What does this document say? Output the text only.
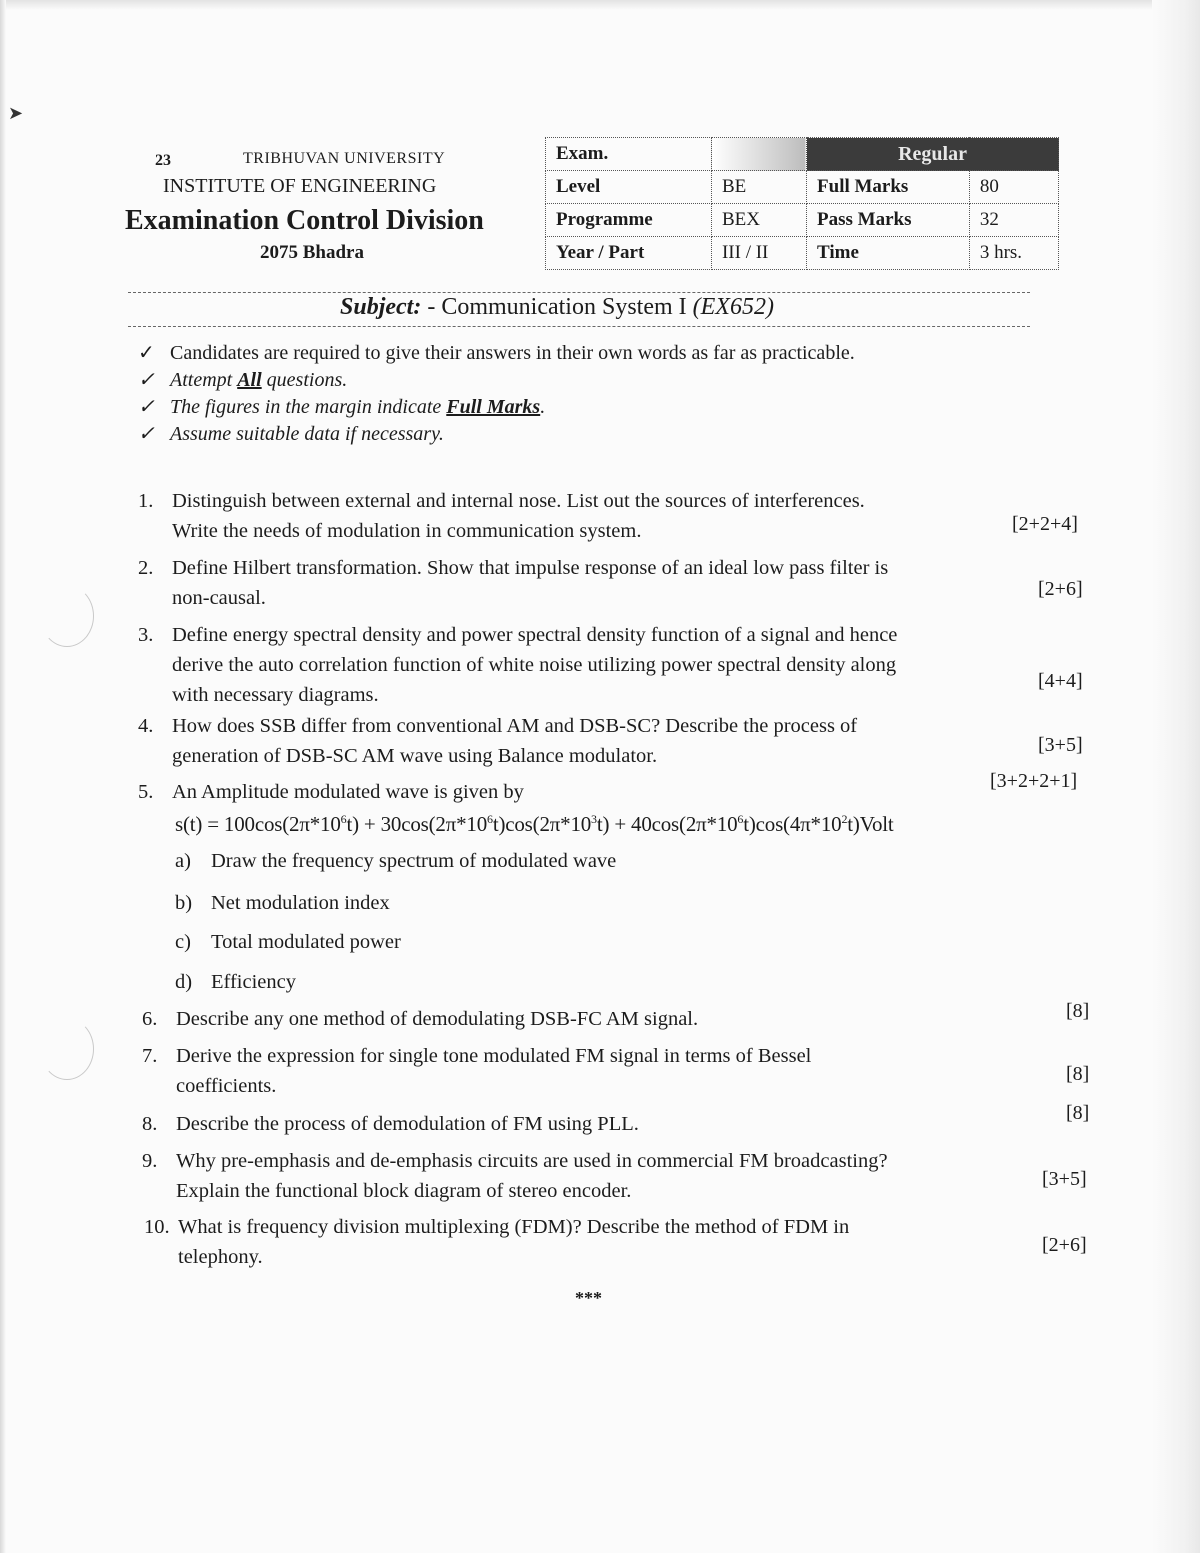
➤
23	TRIBHUVAN UNIVERSITY
INSTITUTE OF ENGINEERING
Examination Control Division
2075 Bhadra
Exam.		Regular	
Level	BE	Full Marks	80
Programme	BEX	Pass Marks	32
Year / Part	III / II	Time	3 hrs.
Subject: - Communication System I (EX652)
✓ Candidates are required to give their answers in their own words as far as practicable.
✓ Attempt All questions.
✓ The figures in the margin indicate Full Marks.
✓ Assume suitable data if necessary.
1. Distinguish between external and internal nose. List out the sources of interferences.
Write the needs of modulation in communication system.	[2+2+4]
2. Define Hilbert transformation. Show that impulse response of an ideal low pass filter is
non-causal.	[2+6]
3. Define energy spectral density and power spectral density function of a signal and hence
derive the auto correlation function of white noise utilizing power spectral density along
with necessary diagrams.
[4+4]
4. How does SSB differ from conventional AM and DSB-SC? Describe the process of
generation of DSB-SC AM wave using Balance modulator.	[3+5]
5. An Amplitude modulated wave is given by	[3+2+2+1]
$s(t) = 100\cos(2\pi*10^6t) + 30\cos(2\pi*10^6t)\cos(2\pi*10^3t)$ + $40\cos(2\pi*10^6t)\cos(4\pi*10^2t)Volt$
a) Draw the frequency spectrum of modulated wave
b) Net modulation index
c) Total modulated power
d) Efficiency
6. Describe any one method of demodulating DSB-FC AM signal.	[8]
7. Derive the expression for single tone modulated FM signal in terms of Bessel
coefficients.
[8]
8. Describe the process of demodulation of FM using PLL.	[8]
9. Why pre-emphasis and de-emphasis circuits are used in commercial FM broadcasting?
Explain the functional block diagram of stereo encoder.
[3+5]
10. What is frequency division multiplexing (FDM)? Describe the method of FDM in
telephony.
[2+6]
***
